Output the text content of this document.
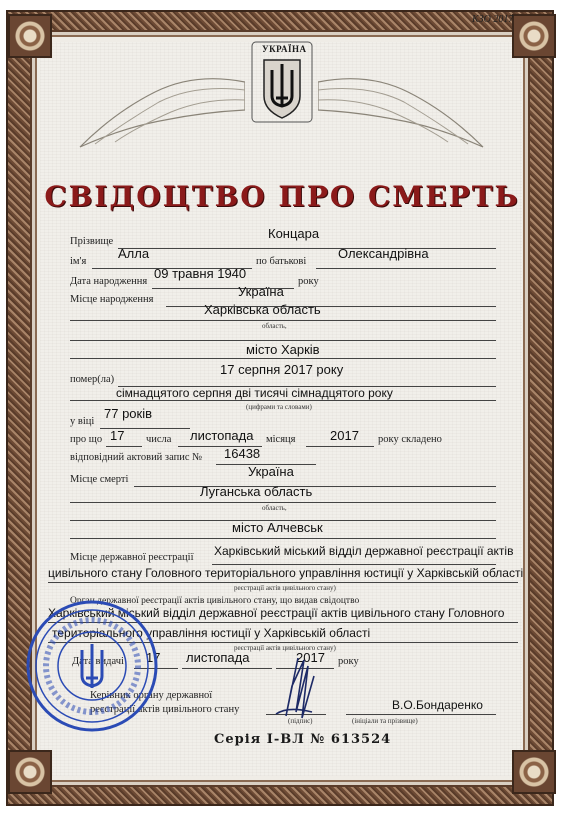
КЗО 2017
УКРАЇНА
СВІДОЦТВО ПРО СМЕРТЬ
Прізвище
Концара
ім'я
Алла
по батькові
Олександрівна
Дата народження
09 травня 1940
року
Місце народження
Україна
Харківська область
область,
місто Харків
помер(ла)
17 серпня 2017 року
сімнадцятого серпня дві тисячі сімнадцятого року
(цифрами та словами)
у віці
77 років
про що 17 числа листопада місяця	2017 року складено
відповідний актовий запис № 16438
Місце смерті
Україна
Луганська область
область,
місто Алчевськ
Місце державної реєстрації Харківський міський відділ державної реєстрації актів
цивільного стану Головного територіального управління юстиції у Харківській області
реєстрації актів цивільного стану)
Орган державної реєстрації актів цивільного стану, що видав свідоцтво
Харківський міський відділ державної реєстрації актів цивільного стану Головного
територіального управління юстиції у Харківській області
реєстрації актів цивільного стану)
Дата видачі 17 листопада	2017 року
Керівник органу державної
реєстрації актів цивільного стану
(підпис)
В.О.Бондаренко
(ініціали та прізвище)
Серія І-ВЛ № 613524
